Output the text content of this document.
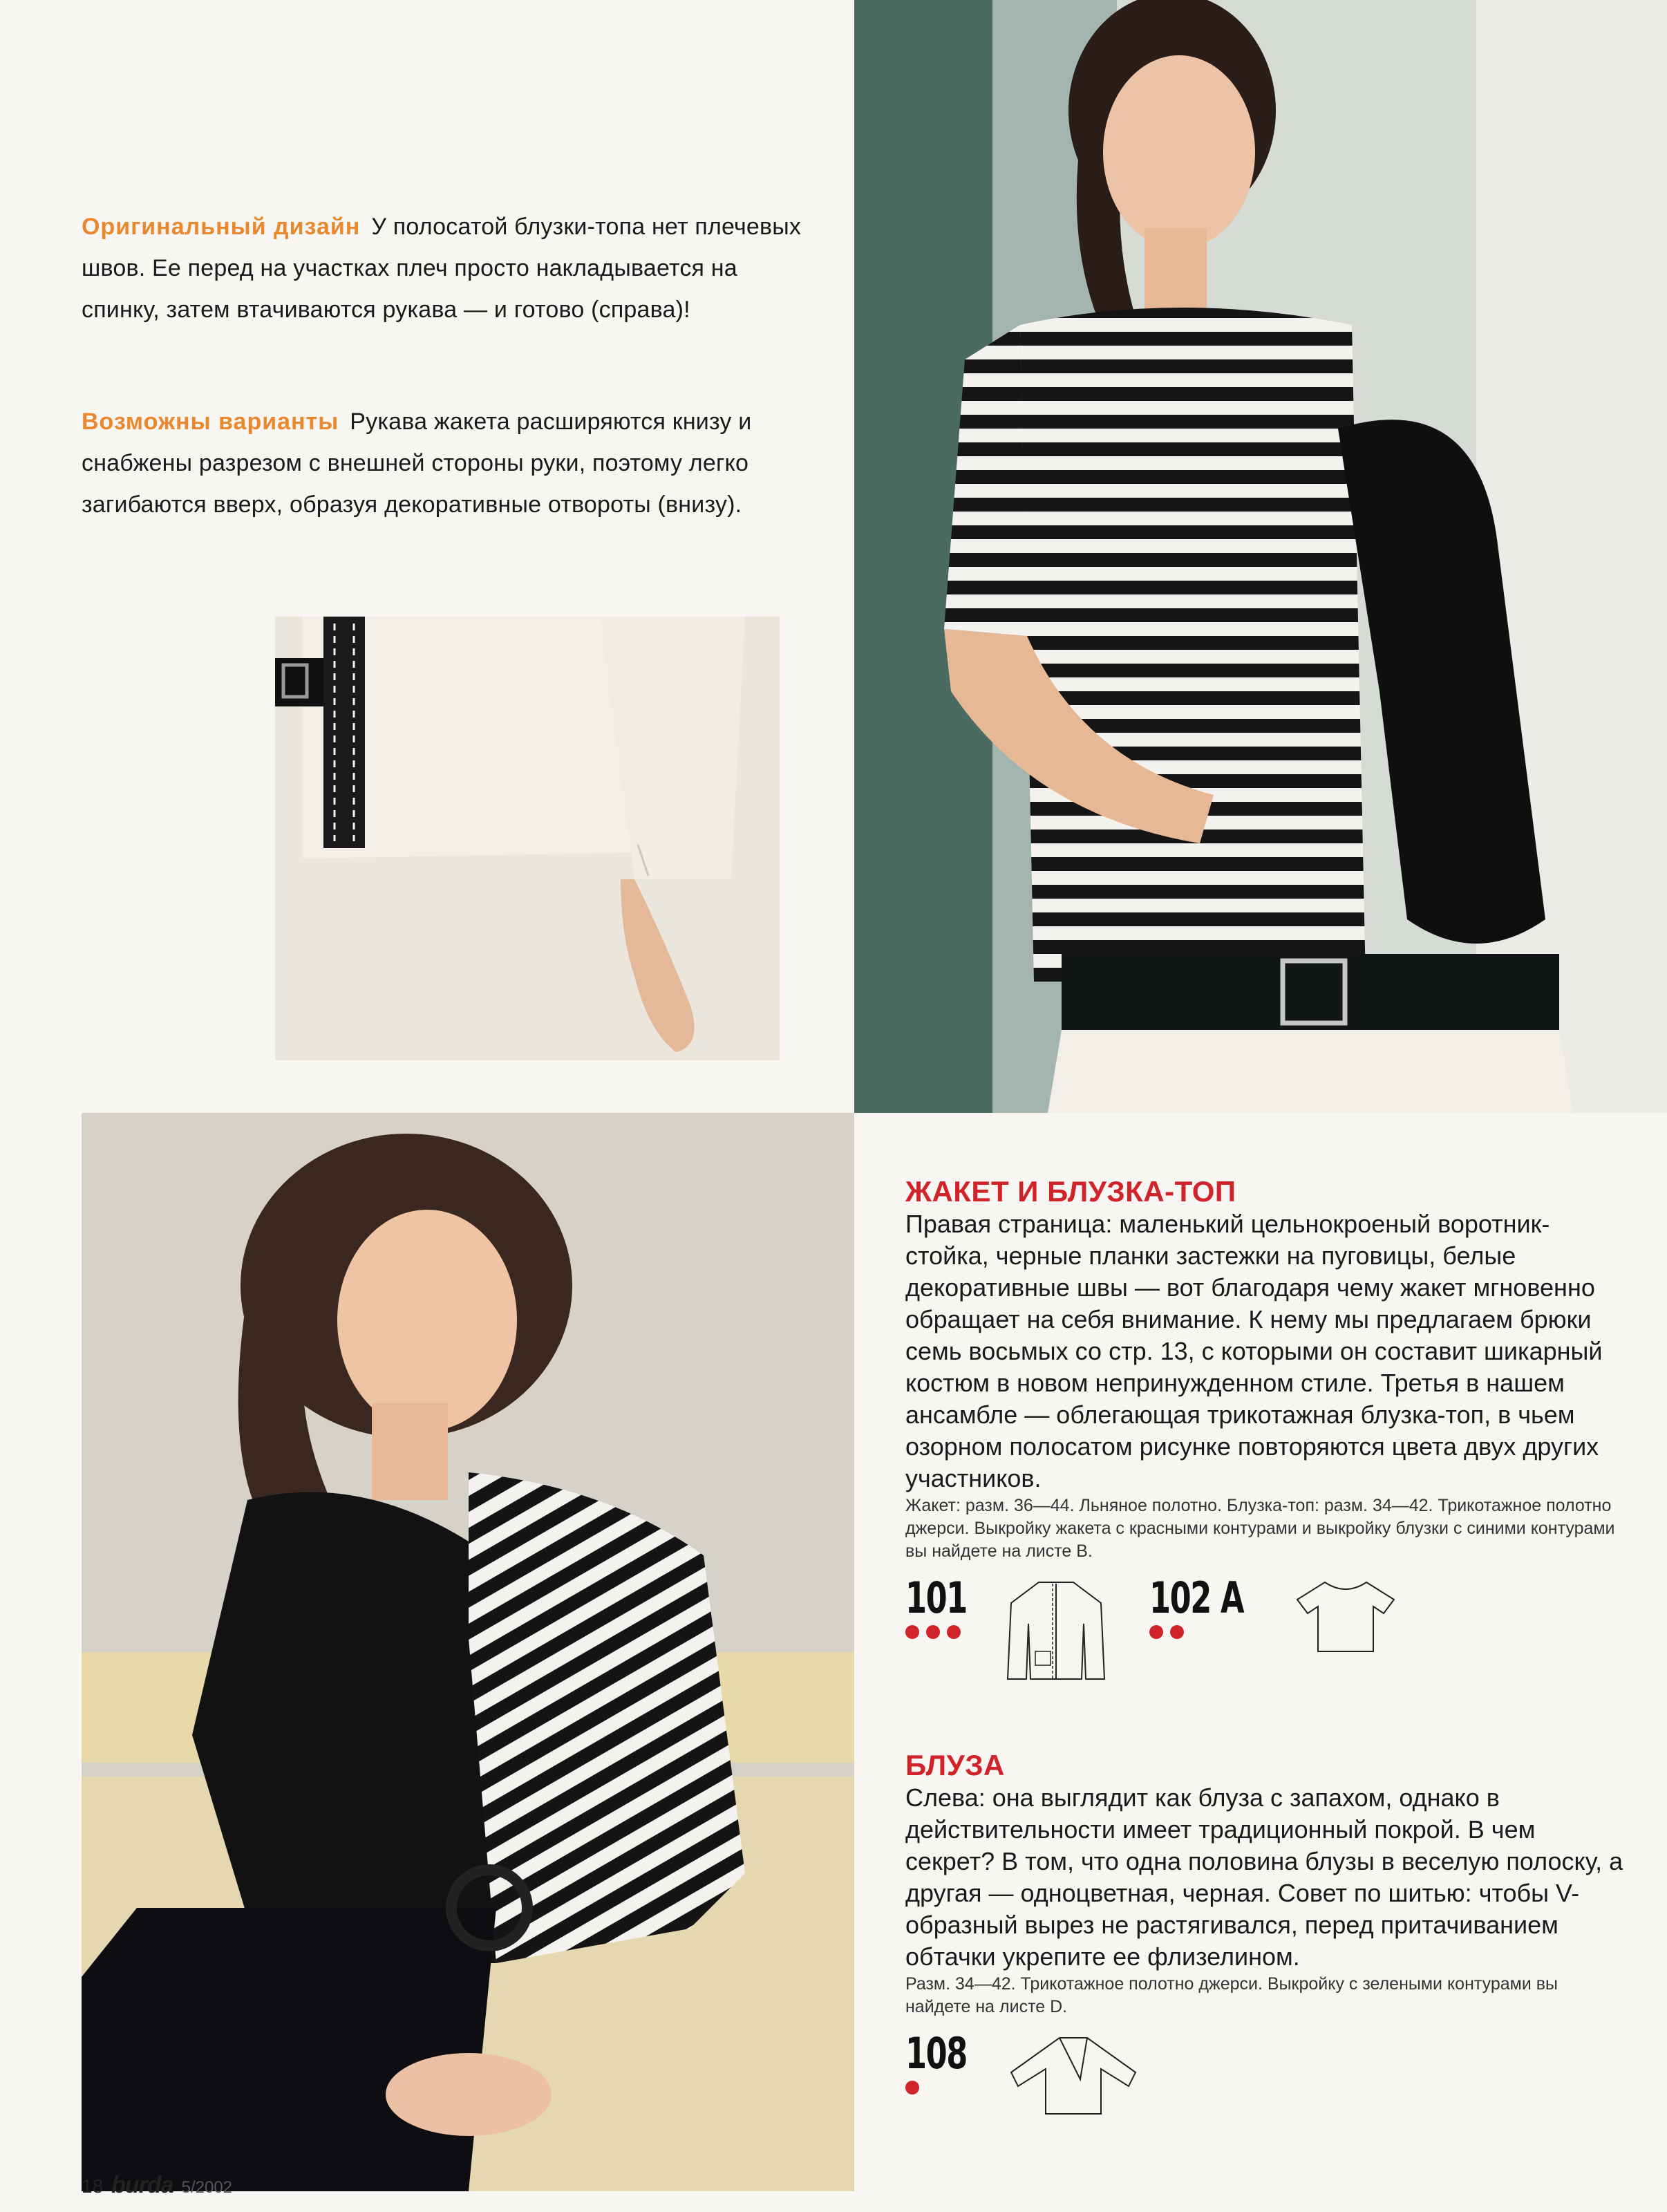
Оригинальный дизайн У полосатой блузки-топа нет плечевых швов. Ее перед на участках плеч просто накладывается на спинку, затем втачиваются рукава — и готово (справа)!
Возможны варианты Рукава жакета расширяются книзу и снабжены разрезом с внешней стороны руки, поэтому легко загибаются вверх, образуя декоративные отвороты (внизу).
ЖАКЕТ И БЛУЗКА-ТОП
Правая страница: маленький цельнокроеный воротник-стойка, черные планки застежки на пуговицы, белые декоративные швы — вот благодаря чему жакет мгновенно обращает на себя внимание. К нему мы предлагаем брюки семь восьмых со стр. 13, с которыми он составит шикарный костюм в новом непринужденном стиле. Третья в нашем ансамбле — облегающая трикотажная блузка-топ, в чьем озорном полосатом рисунке повторяются цвета двух других участников.
Жакет: разм. 36—44. Льняное полотно. Блузка-топ: разм. 34—42. Трикотажное полотно джерси. Выкройку жакета с красными контурами и выкройку блузки с синими контурами вы найдете на листе В.
101	102 A
БЛУЗА
Слева: она выглядит как блуза с запахом, однако в действительности имеет традиционный покрой. В чем секрет? В том, что одна половина блузы в веселую полоску, а другая — одноцветная, черная. Совет по шитью: чтобы V-образный вырез не растягивался, перед притачиванием обтачки укрепите ее флизелином.
Разм. 34—42. Трикотажное полотно джерси. Выкройку с зелеными контурами вы найдете на листе D.
108
18 burda 5/2002
